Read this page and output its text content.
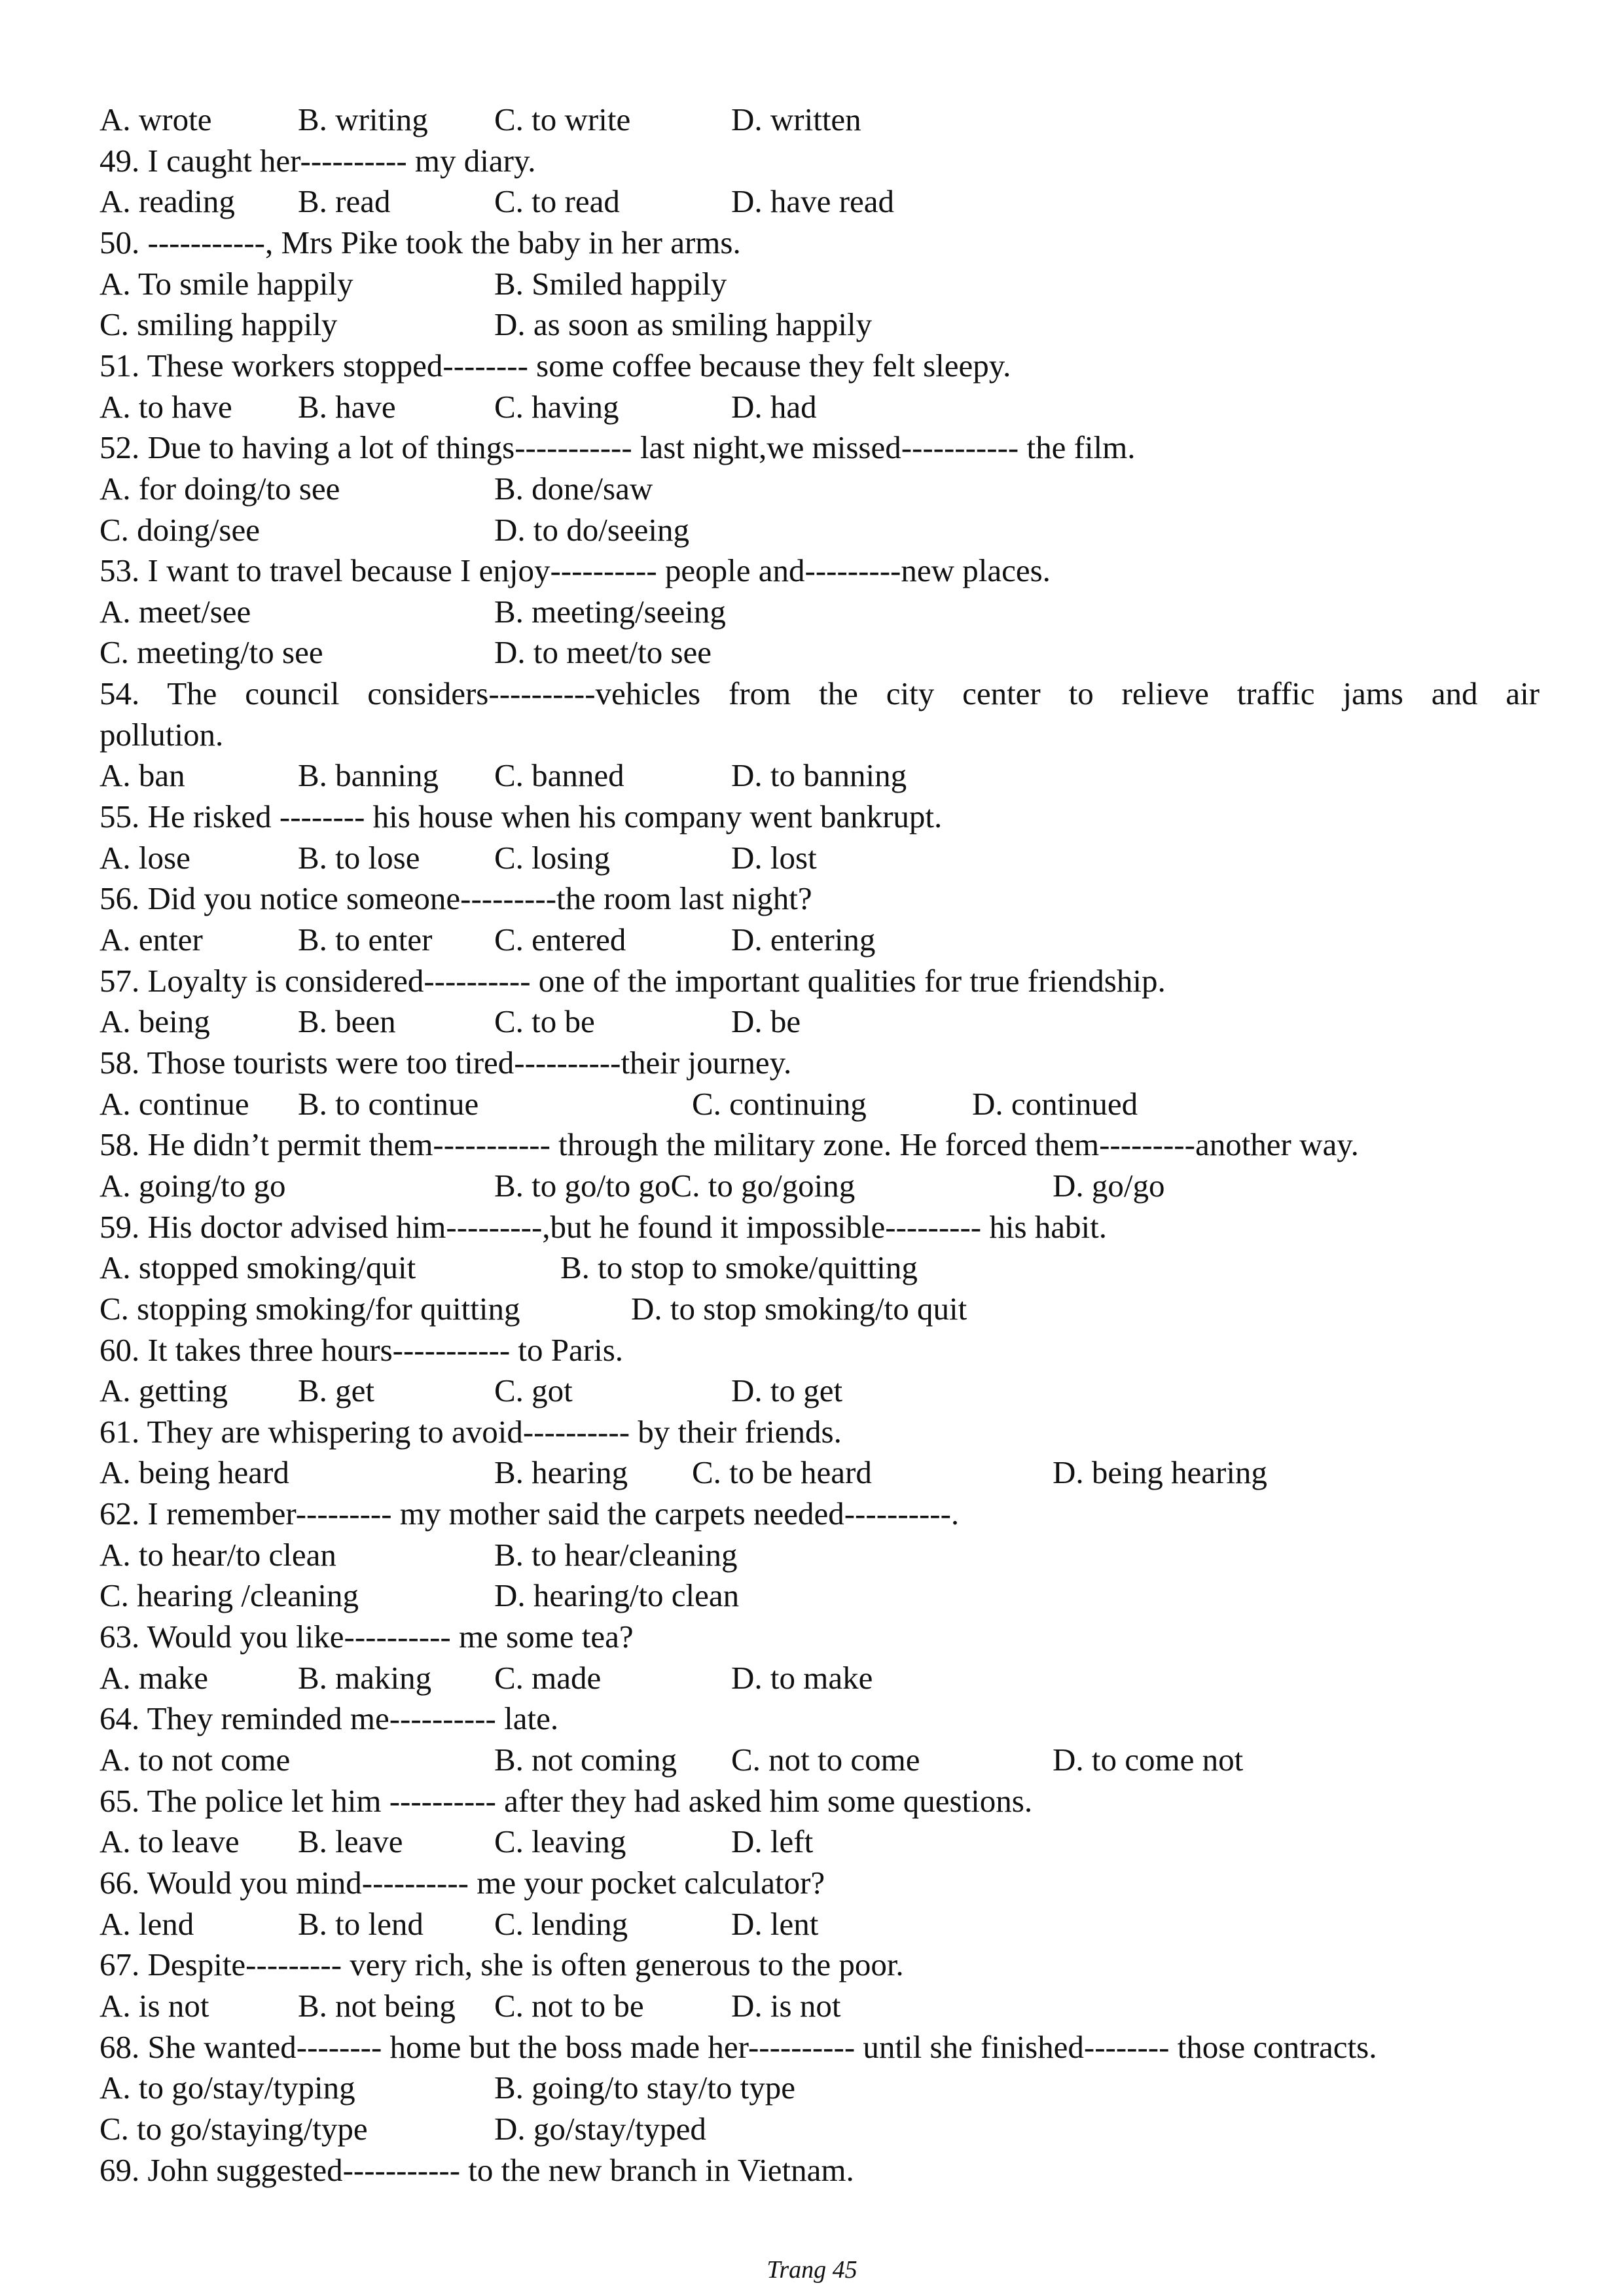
A. wrote	B. writing C. to write	D. written
49. I caught her---------- my diary.
A. reading B. read	C. to read	D. have read
50. -----------, Mrs Pike took the baby in her arms.
A. To smile happily	B. Smiled happily
C. smiling happily	D. as soon as smiling happily
51. These workers stopped-------- some coffee because they felt sleepy.
A. to have B. have	C. having	D. had
52. Due to having a lot of things----------- last night,we missed----------- the film.
A. for doing/to see	B. done/saw
C. doing/see	D. to do/seeing
53. I want to travel because I enjoy---------- people and---------new places.
A. meet/see	B. meeting/seeing
C. meeting/to see	D. to meet/to see
54. The council considers----------vehicles from the city center to relieve traffic jams and air
pollution.
A. ban	B. banning C. banned	D. to banning
55. He risked -------- his house when his company went bankrupt.
A. lose	B. to lose C. losing	D. lost
56. Did you notice someone---------the room last night?
A. enter	B. to enter C. entered	D. entering
57. Loyalty is considered---------- one of the important qualities for true friendship.
A. being	B. been	C. to be	D. be
58. Those tourists were too tired----------their journey.
A. continue B. to continue	C. continuing	D. continued
58. He didn’t permit them----------- through the military zone. He forced them---------another way.
A. going/to go	B. to go/to goC. to go/going	D. go/go
59. His doctor advised him---------,but he found it impossible--------- his habit.
A. stopped smoking/quit	B. to stop to smoke/quitting
C. stopping smoking/for quitting	D. to stop smoking/to quit
60. It takes three hours----------- to Paris.
A. getting B. get	C. got	D. to get
61. They are whispering to avoid---------- by their friends.
A. being heard	B. hearing C. to be heard	D. being hearing
62. I remember--------- my mother said the carpets needed----------.
A. to hear/to clean	B. to hear/cleaning
C. hearing /cleaning	D. hearing/to clean
63. Would you like---------- me some tea?
A. make	B. making C. made	D. to make
64. They reminded me---------- late.
A. to not come	B. not coming C. not to come	D. to come not
65. The police let him ---------- after they had asked him some questions.
A. to leave B. leave	C. leaving	D. left
66. Would you mind---------- me your pocket calculator?
A. lend	B. to lend C. lending	D. lent
67. Despite--------- very rich, she is often generous to the poor.
A. is not	B. not being C. not to be	D. is not
68. She wanted-------- home but the boss made her---------- until she finished-------- those contracts.
A. to go/stay/typing	B. going/to stay/to type
C. to go/staying/type	D. go/stay/typed
69. John suggested----------- to the new branch in Vietnam.
Trang 45
